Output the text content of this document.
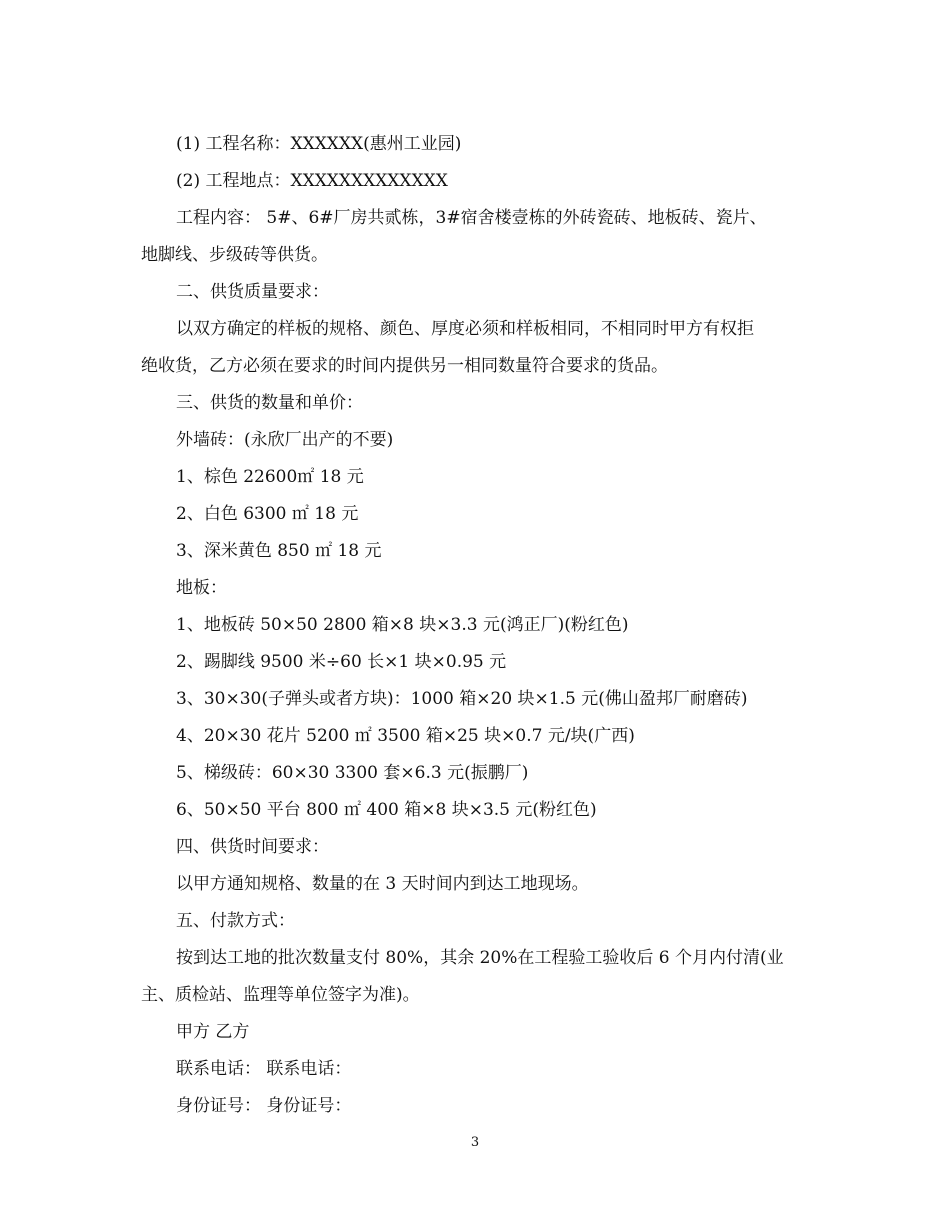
(1) 工程名称：XXXXXX(惠州工业园)
(2) 工程地点：XXXXXXXXXXXXX
工程内容： 5#、6#厂房共贰栋，3#宿舍楼壹栋的外砖瓷砖、地板砖、瓷片、
地脚线、步级砖等供货。
二、供货质量要求：
以双方确定的样板的规格、颜色、厚度必须和样板相同，不相同时甲方有权拒
绝收货，乙方必须在要求的时间内提供另一相同数量符合要求的货品。
三、供货的数量和单价：
外墙砖：(永欣厂出产的不要)
1、棕色 22600㎡ 18 元
2、白色 6300 ㎡ 18 元
3、深米黄色 850 ㎡ 18 元
地板：
1、地板砖 50×50 2800 箱×8 块×3.3 元(鸿正厂)(粉红色)
2、踢脚线 9500 米÷60 长×1 块×0.95 元
3、30×30(子弹头或者方块)：1000 箱×20 块×1.5 元(佛山盈邦厂耐磨砖)
4、20×30 花片 5200 ㎡ 3500 箱×25 块×0.7 元/块(广西)
5、梯级砖：60×30 3300 套×6.3 元(振鹏厂)
6、50×50 平台 800 ㎡ 400 箱×8 块×3.5 元(粉红色)
四、供货时间要求：
以甲方通知规格、数量的在 3 天时间内到达工地现场。
五、付款方式：
按到达工地的批次数量支付 80%，其余 20%在工程验工验收后 6 个月内付清(业
主、质检站、监理等单位签字为准)。
甲方 乙方
联系电话： 联系电话：
身份证号： 身份证号：
3
